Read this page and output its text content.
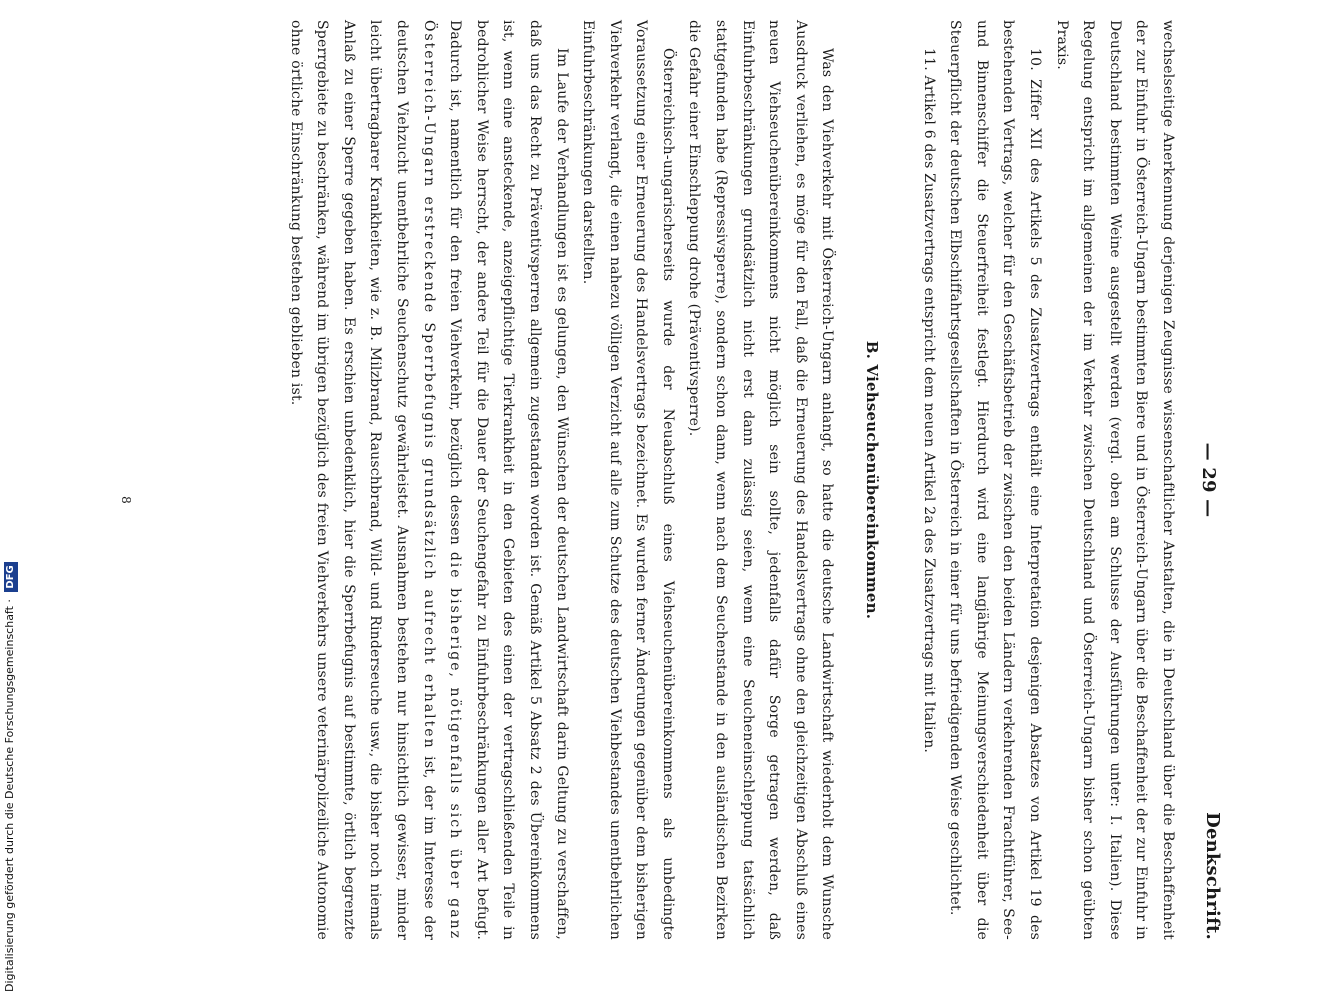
Digitalisierung gefördert durch die Deutsche Forschungsgemeinschaft · DFG
— 29 —
Denkschrift.

wechselseitige Anerkennung derjenigen Zeugnisse wissenschaftlicher Anstalten, die in Deutschland über die Beschaffenheit der zur Einfuhr in Österreich-Ungarn bestimmten Biere und in Österreich-Ungarn über die Beschaffenheit der zur Einfuhr in Deutschland bestimmten Weine ausgestellt werden (vergl. oben am Schlusse der Ausführungen unter: I. Italien). Diese Regelung entspricht im allgemeinen der im Verkehr zwischen Deutschland und Österreich-Ungarn bisher schon geübten Praxis.

10. Ziffer XII des Artikels 5 des Zusatzvertrags enthält eine Interpretation desjenigen Absatzes von Artikel 19 des bestehenden Vertrags, welcher für den Geschäftsbetrieb der zwischen den beiden Ländern verkehrenden Frachtführer, See- und Binnenschiffer die Steuerfreiheit festlegt. Hierdurch wird eine langjährige Meinungsverschiedenheit über die Steuerpflicht der deutschen Elbschiffahrtsgesellschaften in Österreich in einer für uns befriedigenden Weise geschlichtet.

11. Artikel 6 des Zusatzvertrags entspricht dem neuen Artikel 2a des Zusatzvertrags mit Italien.

B. Viehseuchenübereinkommen.

Was den Viehverkehr mit Österreich-Ungarn anlangt, so hatte die deutsche Landwirtschaft wiederholt dem Wunsche Ausdruck verliehen, es möge für den Fall, daß die Erneuerung des Handelsvertrags ohne den gleichzeitigen Abschluß eines neuen Viehseuchenübereinkommens nicht möglich sein sollte, jedenfalls dafür Sorge getragen werden, daß Einfuhrbeschränkungen grundsätzlich nicht erst dann zulässig seien, wenn eine Seucheneinschleppung tatsächlich stattgefunden habe (Repressivsperre), sondern schon dann, wenn nach dem Seuchenstande in den ausländischen Bezirken die Gefahr einer Einschleppung drohe (Präventivsperre).

Österreichisch-ungarischerseits wurde der Neuabschluß eines Viehseuchenübereinkommens als unbedingte Voraussetzung einer Erneuerung des Handelsvertrags bezeichnet. Es wurden ferner Änderungen gegenüber dem bisherigen Viehverkehr verlangt, die einen nahezu völligen Verzicht auf alle zum Schutze des deutschen Viehbestandes unentbehrlichen Einfuhrbeschränkungen darstellten.

Im Laufe der Verhandlungen ist es gelungen, den Wünschen der deutschen Landwirtschaft darin Geltung zu verschaffen, daß uns das Recht zu Präventivsperren allgemein zugestanden worden ist. Gemäß Artikel 5 Absatz 2 des Übereinkommens ist, wenn eine ansteckende, anzeigepflichtige Tierkrankheit in den Gebieten des einen der vertragschließenden Teile in bedrohlicher Weise herrscht, der andere Teil für die Dauer der Seuchengefahr zu Einfuhrbeschränkungen aller Art befugt. Dadurch ist, namentlich für den freien Viehverkehr, bezüglich dessen die bisherige, nötigenfalls sich über ganz Österreich-Ungarn erstreckende Sperrbefugnis grundsätzlich aufrecht erhalten ist, der im Interesse der deutschen Viehzucht unentbehrliche Seuchenschutz gewährleistet. Ausnahmen bestehen nur hinsichtlich gewisser, minder leicht übertragbarer Krankheiten, wie z. B. Milzbrand, Rauschbrand, Wild- und Rinderseuche usw., die bisher noch niemals Anlaß zu einer Sperre gegeben haben. Es erschien unbedenklich, hier die Sperrbefugnis auf bestimmte, örtlich begrenzte Sperrgebiete zu beschränken, während im übrigen bezüglich des freien Viehverkehrs unsere veterinärpolizeiliche Autonomie ohne örtliche Einschränkung bestehen geblieben ist.

8
